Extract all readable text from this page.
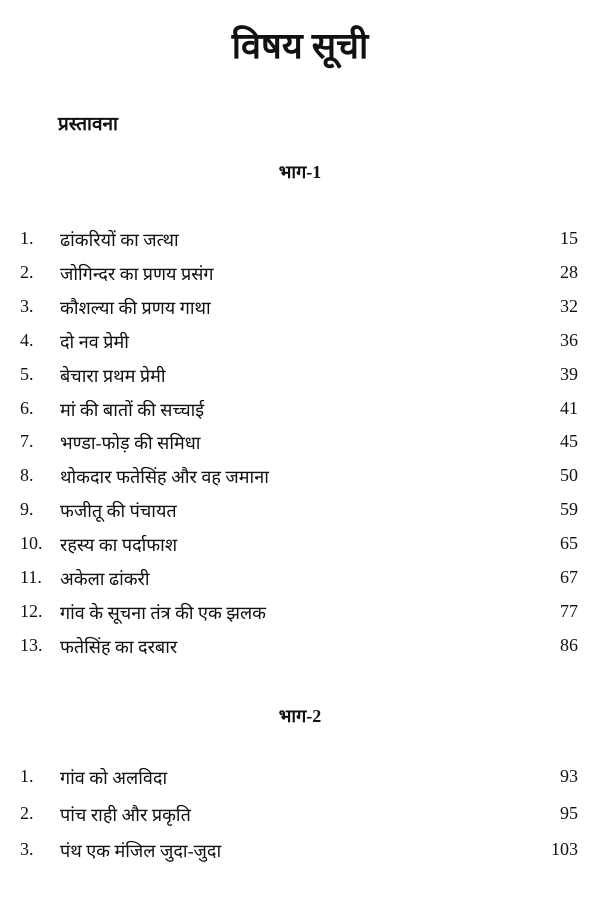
विषय सूची
प्रस्तावना
भाग-1
भाग-2
1. ढांकरियों का जत्था	15
2. जोगिन्दर का प्रणय प्रसंग	28
3. कौशल्या की प्रणय गाथा	32
4. दो नव प्रेमी	36
5. बेचारा प्रथम प्रेमी	39
6. मां की बातों की सच्चाई	41
7. भण्डा-फोड़ की समिधा	45
8. थोकदार फतेसिंह और वह जमाना	50
9. फजीतू की पंचायत	59
10. रहस्य का पर्दाफाश	65
11. अकेला ढांकरी	67
12. गांव के सूचना तंत्र की एक झलक	77
13. फतेसिंह का दरबार	86
1. गांव को अलविदा	93
2. पांच राही और प्रकृति	95
3. पंथ एक मंजिल जुदा-जुदा	103
